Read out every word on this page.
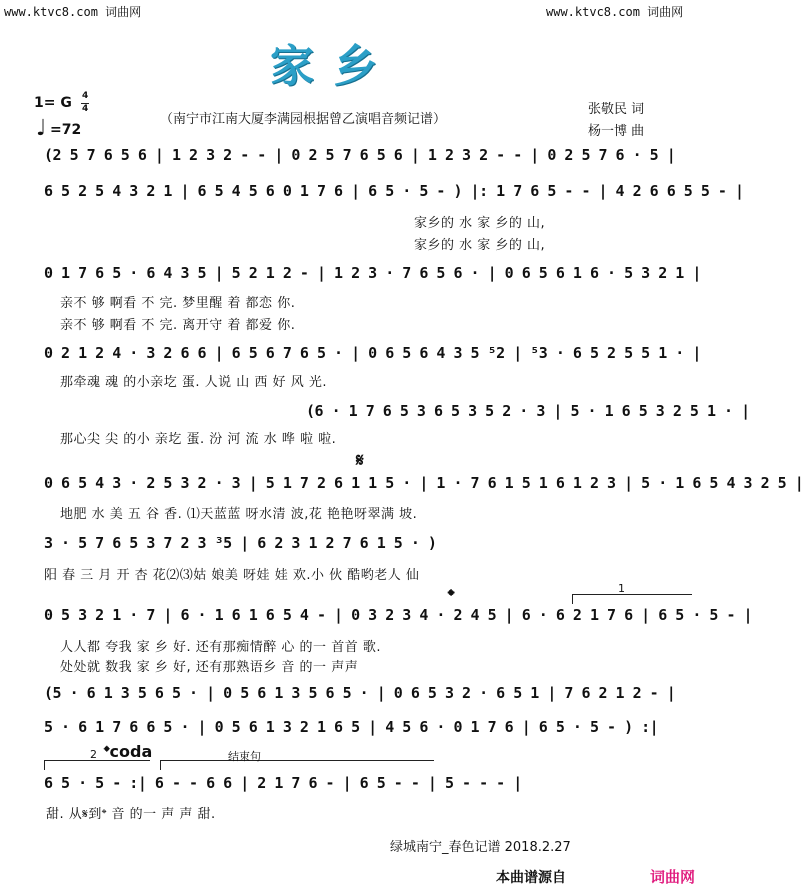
www.ktvc8.com 词曲网	www.ktvc8.com 词曲网
家 乡
1= G 4
4
♩ =72
（南宁市江南大厦李满园根据曾乙演唱音频记谱）
张敬民 词
杨一博 曲
(2 5 7 6 5 6 | 1 2 3 2 - - | 0 2 5 7 6 5 6 | 1 2 3 2 - - | 0 2 5 7 6 · 5 |
6 5 2 5 4 3 2 1 | 6 5 4 5 6 0 1 7 6 | 6 5 · 5 - ) |: 1 7 6 5 - - | 4 2 6 6 5 5 - |
家乡的 水 家 乡的 山,
家乡的 水 家 乡的 山,
0 1 7 6 5 · 6 4 3 5 | 5 2 1 2 - | 1 2 3 · 7 6 5 6 · | 0 6 5 6 1 6 · 5 3 2 1 |
亲不 够 啊看 不 完. 梦里醒 着 都恋 你.
亲不 够 啊看 不 完. 离开守 着 都爱 你.
0 2 1 2 4 · 3 2 6 6 | 6 5 6 7 6 5 · | 0 6 5 6 4 3 5 ⁵2 | ⁵3 · 6 5 2 5 5 1 · |
那牵魂 魂 的小亲圪 蛋. 人说 山 西 好 风 光.
(6 · 1 7 6 5 3 6 5 3 5 2 · 3 | 5 · 1 6 5 3 2 5 1 · |
那心尖 尖 的小 亲圪 蛋. 汾 河 流 水 哗 啦 啦.
𝄋
0 6 5 4 3 · 2 5 3 2 · 3 | 5 1 7 2 6 1 1 5 · | 1 · 7 6 1 5 1 6 1 2 3 | 5 · 1 6 5 4 3 2 5 |
地肥 水 美 五 谷 香. ⑴天蓝蓝 呀水清 波,花 艳艳呀翠满 坡.
3 · 5 7 6 5 3 7 2 3 ³5 | 6 2 3 1 2 7 6 1 5 · )
阳 春 三 月 开 杏 花⑵⑶姑 娘美 呀娃 娃 欢.小 伙 酷哟老人 仙
1
𝄌
0 5 3 2 1 · 7 | 6 · 1 6 1 6 5 4 - | 0 3 2 3 4 · 2 4 5 | 6 · 6 2 1 7 6 | 6 5 · 5 - |
人人都 夸我 家 乡 好. 还有那痴情醉 心 的一 首首 歌.
处处就 数我 家 乡 好, 还有那熟语乡 音 的一 声声
(5 · 6 1 3 5 6 5 · | 0 5 6 1 3 5 6 5 · | 0 6 5 3 2 · 6 5 1 | 7 6 2 1 2 - |
5 · 6 1 7 6 6 5 · | 0 5 6 1 3 2 1 6 5 | 4 5 6 · 0 1 7 6 | 6 5 · 5 - ) :|
2 𝄌coda	结束句
6 5 · 5 - :| 6 - - 6 6 | 2 1 7 6 - | 6 5 - - | 5 - - - |
甜. 从𝄋到𝄌 音 的一 声 声 甜.
绿城南宁_春色记谱 2018.2.27
本曲谱源自	词曲网
